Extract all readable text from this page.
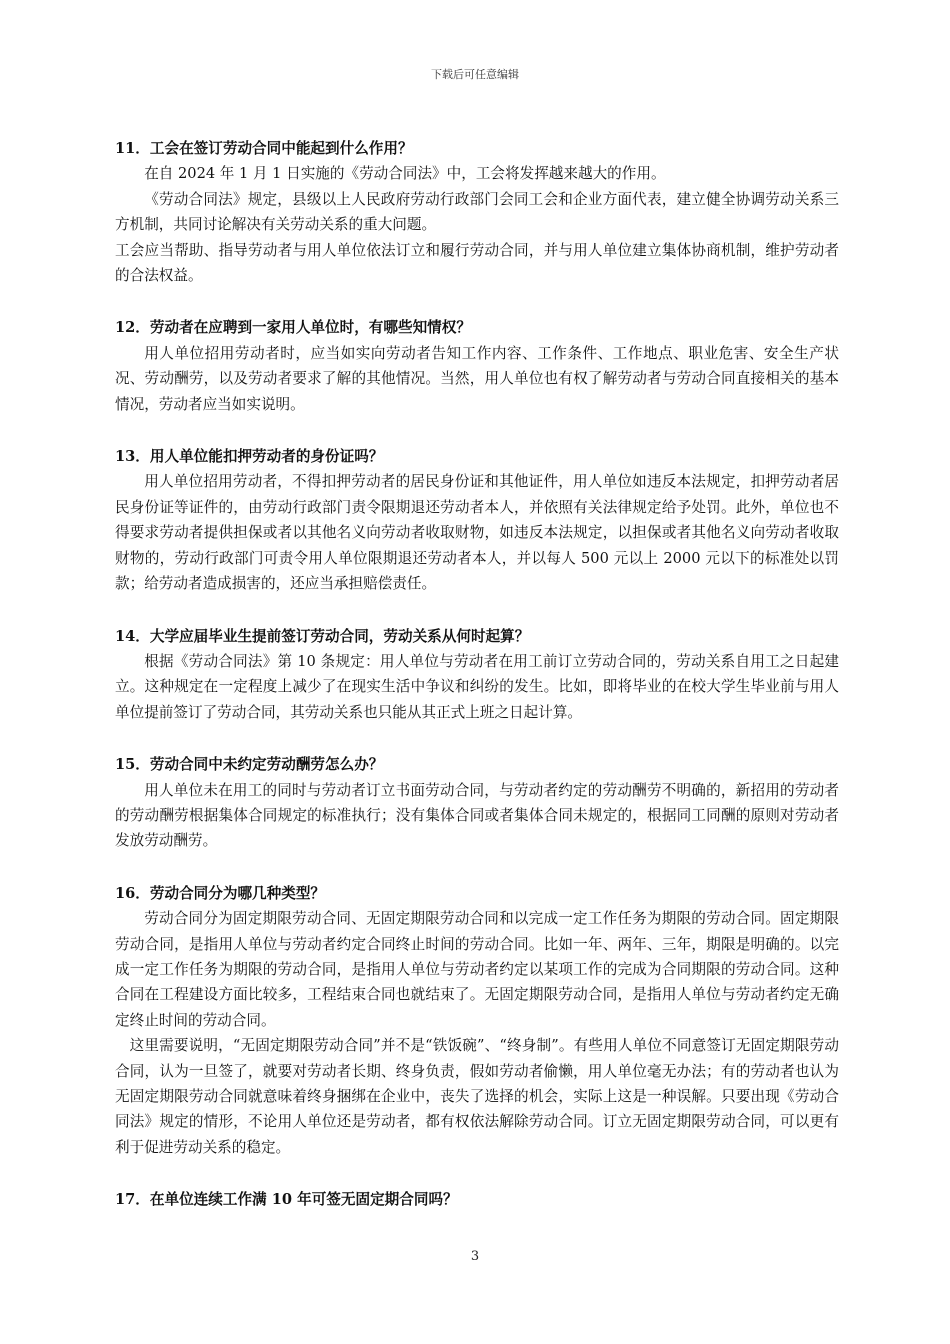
下载后可任意编辑

11．工会在签订劳动合同中能起到什么作用？

在自 2024 年 1 月 1 日实施的《劳动合同法》中，工会将发挥越来越大的作用。

《劳动合同法》规定，县级以上人民政府劳动行政部门会同工会和企业方面代表，建立健全协调劳动关系三方机制，共同讨论解决有关劳动关系的重大问题。

工会应当帮助、指导劳动者与用人单位依法订立和履行劳动合同，并与用人单位建立集体协商机制，维护劳动者的合法权益。

12．劳动者在应聘到一家用人单位时，有哪些知情权？

用人单位招用劳动者时，应当如实向劳动者告知工作内容、工作条件、工作地点、职业危害、安全生产状况、劳动酬劳，以及劳动者要求了解的其他情况。当然，用人单位也有权了解劳动者与劳动合同直接相关的基本情况，劳动者应当如实说明。

13．用人单位能扣押劳动者的身份证吗？

用人单位招用劳动者，不得扣押劳动者的居民身份证和其他证件，用人单位如违反本法规定，扣押劳动者居民身份证等证件的，由劳动行政部门责令限期退还劳动者本人，并依照有关法律规定给予处罚。此外，单位也不得要求劳动者提供担保或者以其他名义向劳动者收取财物，如违反本法规定，以担保或者其他名义向劳动者收取财物的，劳动行政部门可责令用人单位限期退还劳动者本人，并以每人 500 元以上 2000 元以下的标准处以罚款；给劳动者造成损害的，还应当承担赔偿责任。

14．大学应届毕业生提前签订劳动合同，劳动关系从何时起算？

根据《劳动合同法》第 10 条规定：用人单位与劳动者在用工前订立劳动合同的，劳动关系自用工之日起建立。这种规定在一定程度上减少了在现实生活中争议和纠纷的发生。比如，即将毕业的在校大学生毕业前与用人单位提前签订了劳动合同，其劳动关系也只能从其正式上班之日起计算。

15．劳动合同中未约定劳动酬劳怎么办？

用人单位未在用工的同时与劳动者订立书面劳动合同，与劳动者约定的劳动酬劳不明确的，新招用的劳动者的劳动酬劳根据集体合同规定的标准执行；没有集体合同或者集体合同未规定的，根据同工同酬的原则对劳动者发放劳动酬劳。

16．劳动合同分为哪几种类型？

劳动合同分为固定期限劳动合同、无固定期限劳动合同和以完成一定工作任务为期限的劳动合同。固定期限劳动合同，是指用人单位与劳动者约定合同终止时间的劳动合同。比如一年、两年、三年，期限是明确的。以完成一定工作任务为期限的劳动合同，是指用人单位与劳动者约定以某项工作的完成为合同期限的劳动合同。这种合同在工程建设方面比较多，工程结束合同也就结束了。无固定期限劳动合同，是指用人单位与劳动者约定无确定终止时间的劳动合同。

这里需要说明，“无固定期限劳动合同”并不是“铁饭碗”、“终身制”。有些用人单位不同意签订无固定期限劳动合同，认为一旦签了，就要对劳动者长期、终身负责，假如劳动者偷懒，用人单位毫无办法；有的劳动者也认为无固定期限劳动合同就意味着终身捆绑在企业中，丧失了选择的机会，实际上这是一种误解。只要出现《劳动合同法》规定的情形，不论用人单位还是劳动者，都有权依法解除劳动合同。订立无固定期限劳动合同，可以更有利于促进劳动关系的稳定。

17．在单位连续工作满 10 年可签无固定期合同吗？

3
